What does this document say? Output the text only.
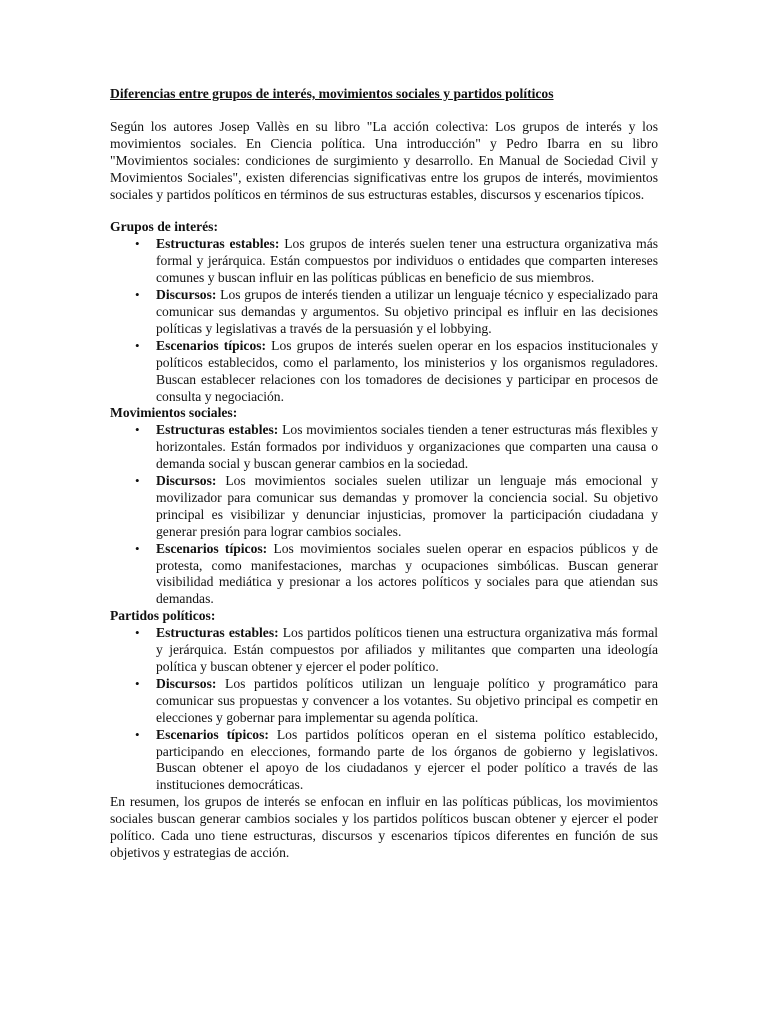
Diferencias entre grupos de interés, movimientos sociales y partidos políticos

Según los autores Josep Vallès en su libro "La acción colectiva: Los grupos de interés y los movimientos sociales. En Ciencia política. Una introducción" y Pedro Ibarra en su libro "Movimientos sociales: condiciones de surgimiento y desarrollo. En Manual de Sociedad Civil y Movimientos Sociales", existen diferencias significativas entre los grupos de interés, movimientos sociales y partidos políticos en términos de sus estructuras estables, discursos y escenarios típicos.

Grupos de interés:

• Estructuras estables: Los grupos de interés suelen tener una estructura organizativa más formal y jerárquica. Están compuestos por individuos o entidades que comparten intereses comunes y buscan influir en las políticas públicas en beneficio de sus miembros.
• Discursos: Los grupos de interés tienden a utilizar un lenguaje técnico y especializado para comunicar sus demandas y argumentos. Su objetivo principal es influir en las decisiones políticas y legislativas a través de la persuasión y el lobbying.
• Escenarios típicos: Los grupos de interés suelen operar en los espacios institucionales y políticos establecidos, como el parlamento, los ministerios y los organismos reguladores. Buscan establecer relaciones con los tomadores de decisiones y participar en procesos de consulta y negociación.

Movimientos sociales:

• Estructuras estables: Los movimientos sociales tienden a tener estructuras más flexibles y horizontales. Están formados por individuos y organizaciones que comparten una causa o demanda social y buscan generar cambios en la sociedad.
• Discursos: Los movimientos sociales suelen utilizar un lenguaje más emocional y movilizador para comunicar sus demandas y promover la conciencia social. Su objetivo principal es visibilizar y denunciar injusticias, promover la participación ciudadana y generar presión para lograr cambios sociales.
• Escenarios típicos: Los movimientos sociales suelen operar en espacios públicos y de protesta, como manifestaciones, marchas y ocupaciones simbólicas. Buscan generar visibilidad mediática y presionar a los actores políticos y sociales para que atiendan sus demandas.

Partidos políticos:

• Estructuras estables: Los partidos políticos tienen una estructura organizativa más formal y jerárquica. Están compuestos por afiliados y militantes que comparten una ideología política y buscan obtener y ejercer el poder político.
• Discursos: Los partidos políticos utilizan un lenguaje político y programático para comunicar sus propuestas y convencer a los votantes. Su objetivo principal es competir en elecciones y gobernar para implementar su agenda política.
• Escenarios típicos: Los partidos políticos operan en el sistema político establecido, participando en elecciones, formando parte de los órganos de gobierno y legislativos. Buscan obtener el apoyo de los ciudadanos y ejercer el poder político a través de las instituciones democráticas.

En resumen, los grupos de interés se enfocan en influir en las políticas públicas, los movimientos sociales buscan generar cambios sociales y los partidos políticos buscan obtener y ejercer el poder político. Cada uno tiene estructuras, discursos y escenarios típicos diferentes en función de sus objetivos y estrategias de acción.
